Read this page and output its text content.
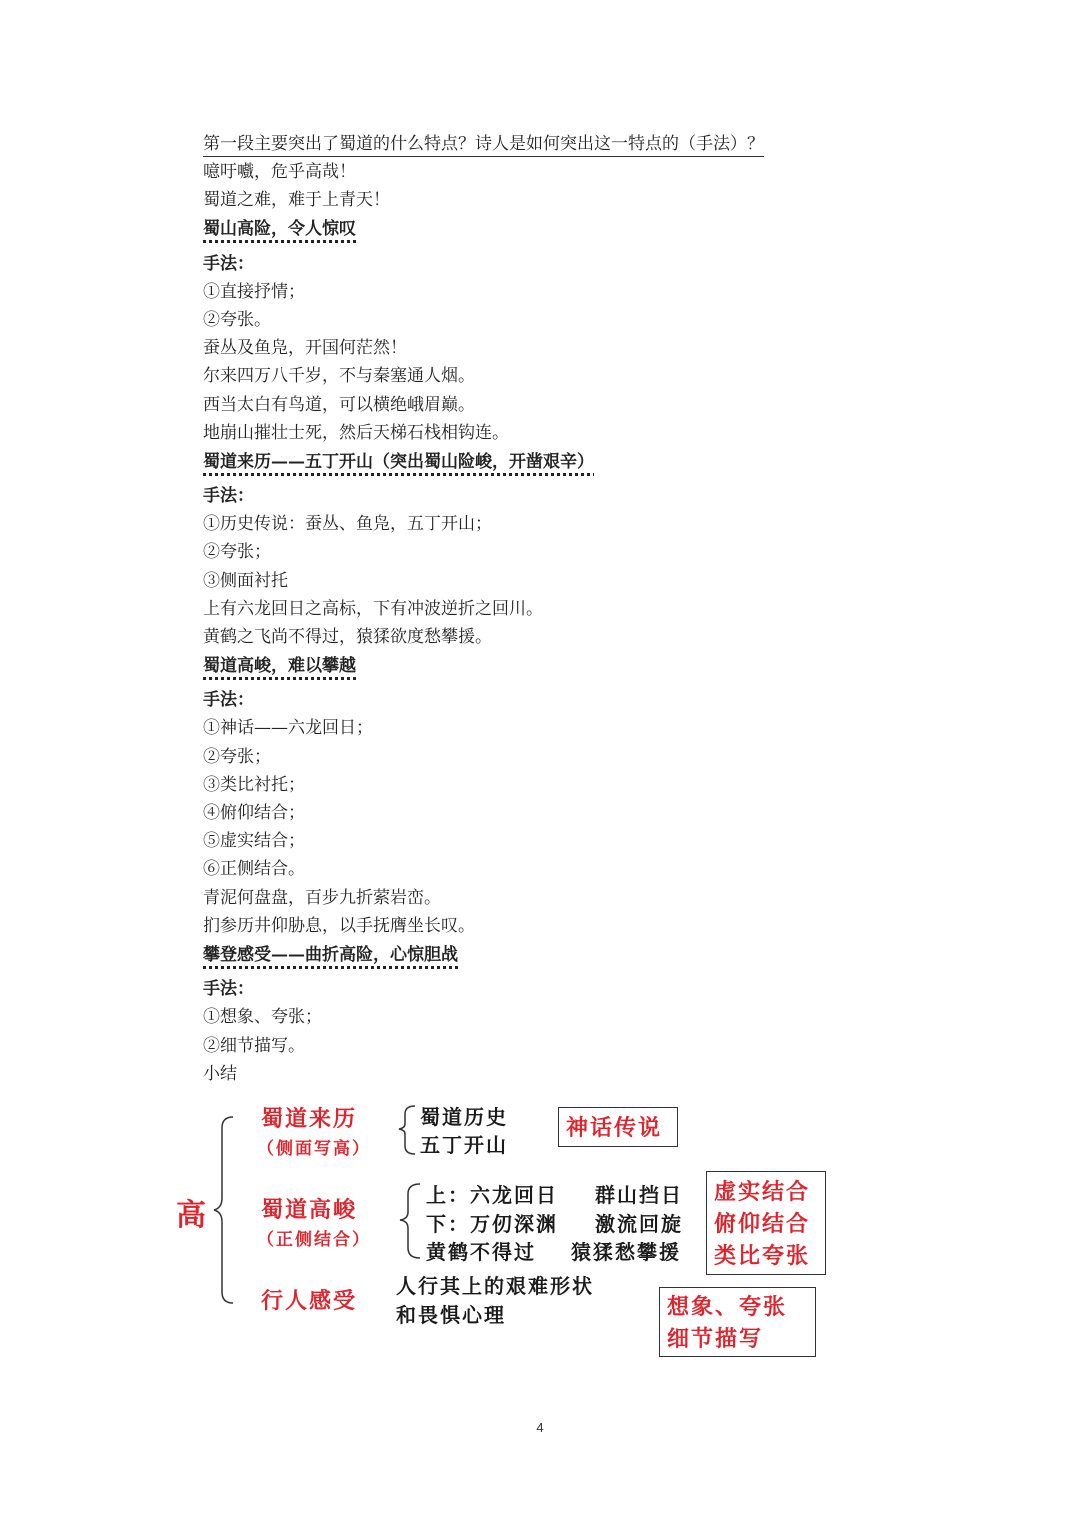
第一段主要突出了蜀道的什么特点？诗人是如何突出这一特点的（手法）？
噫吁嚱，危乎高哉！
蜀道之难，难于上青天！
蜀山高险，令人惊叹
手法：
①直接抒情；
②夸张。
蚕丛及鱼凫，开国何茫然！
尔来四万八千岁，不与秦塞通人烟。
西当太白有鸟道，可以横绝峨眉巅。
地崩山摧壮士死，然后天梯石栈相钩连。
蜀道来历——五丁开山（突出蜀山险峻，开凿艰辛）
手法：
①历史传说：蚕丛、鱼凫，五丁开山；
②夸张；
③侧面衬托
上有六龙回日之高标，下有冲波逆折之回川。
黄鹤之飞尚不得过，猿猱欲度愁攀援。
蜀道高峻，难以攀越
手法：
①神话——六龙回日；
②夸张；
③类比衬托；
④俯仰结合；
⑤虚实结合；
⑥正侧结合。
青泥何盘盘，百步九折萦岩峦。
扪参历井仰胁息，以手抚膺坐长叹。
攀登感受——曲折高险，心惊胆战
手法：
①想象、夸张；
②细节描写。
小结
高
蜀道来历
（侧面写高）
蜀道历史
五丁开山
神话传说
蜀道高峻
（正侧结合）
上：六龙回日 群山挡日
下：万仞深渊 激流回旋
黄鹤不得过 猿猱愁攀援
虚实结合
俯仰结合
类比夸张
行人感受
人行其上的艰难形状
和畏惧心理	想象、夸张
细节描写
4
